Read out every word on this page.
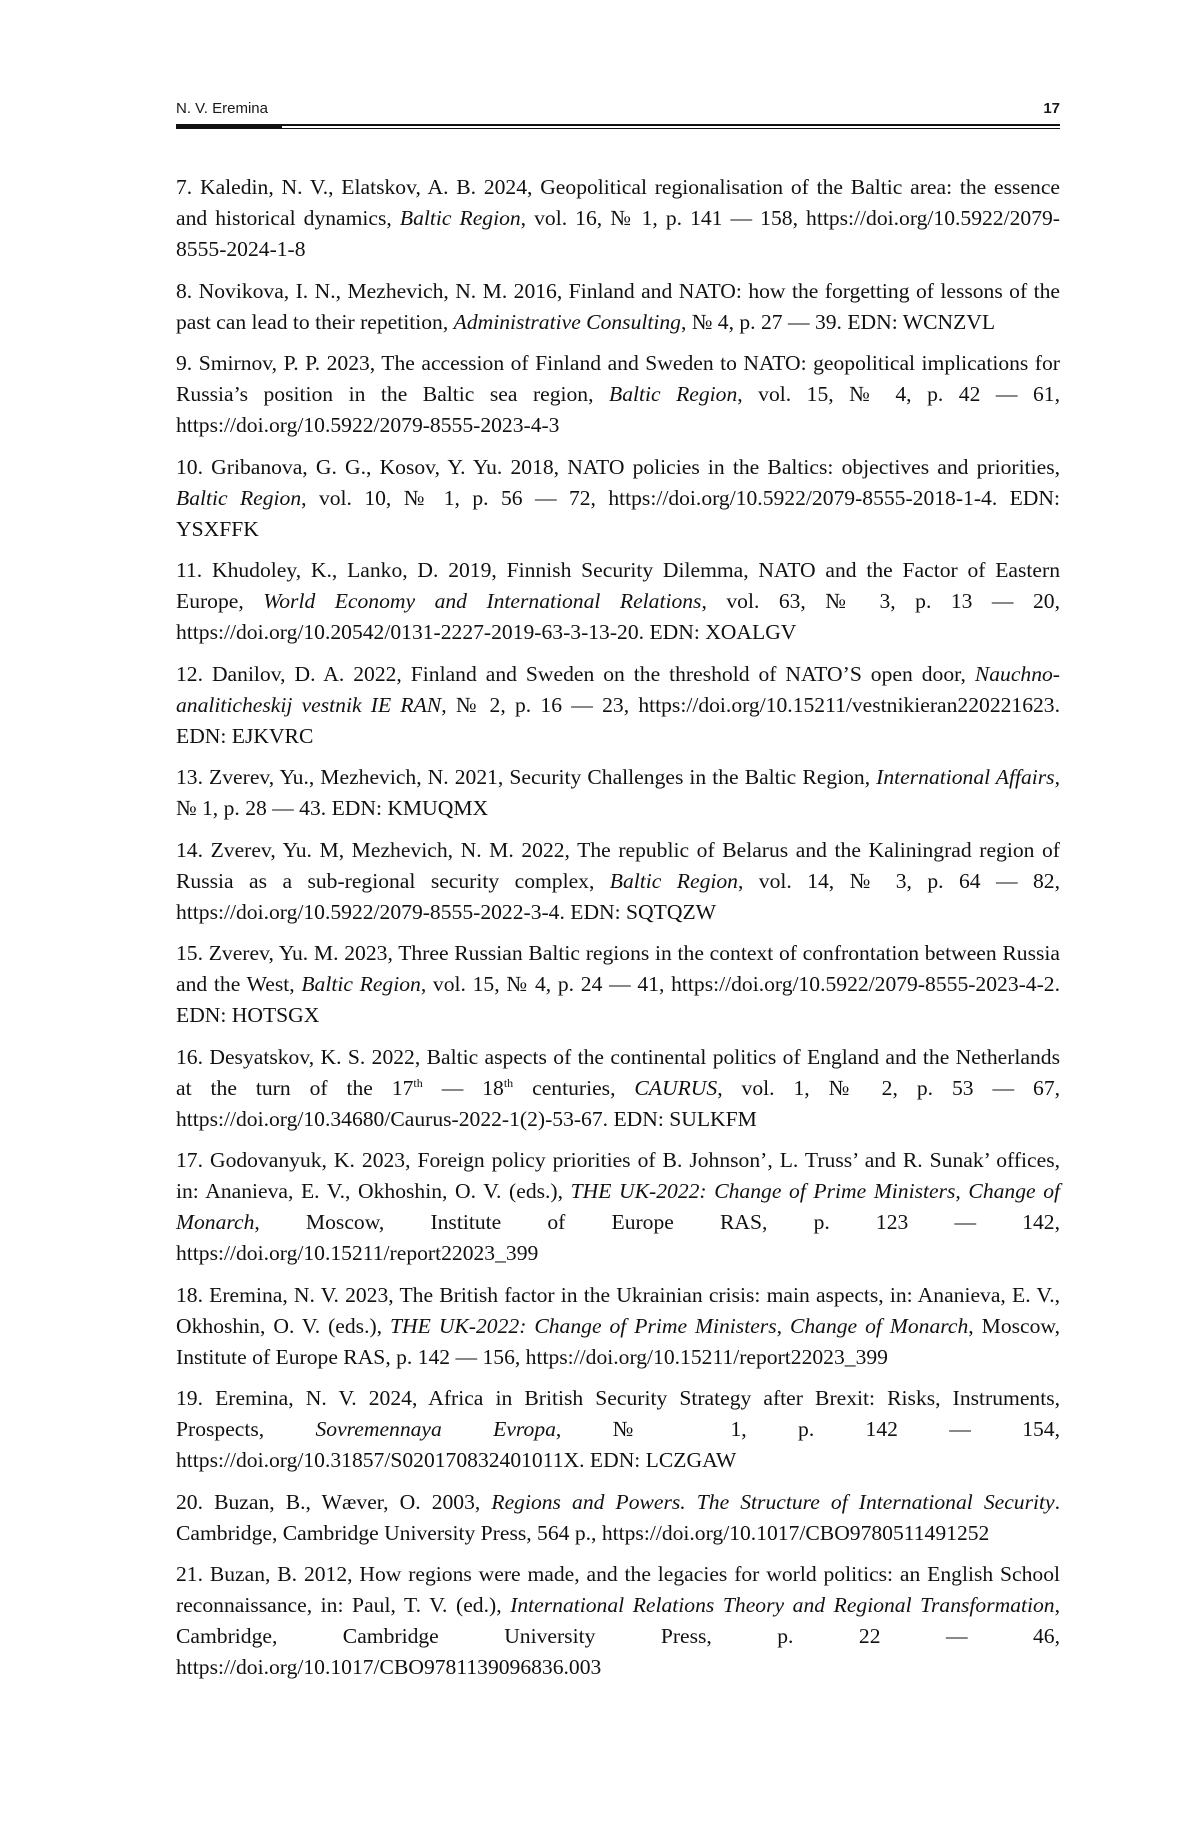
N. V. Eremina	17

7. Kaledin, N. V., Elatskov, A. B. 2024, Geopolitical regionalisation of the Baltic area: the essence and historical dynamics, Baltic Region, vol. 16, № 1, p. 141 — 158, https://doi.org/10.5922/2079-8555-2024-1-8

8. Novikova, I. N., Mezhevich, N. M. 2016, Finland and NATO: how the forgetting of lessons of the past can lead to their repetition, Administrative Consulting, № 4, p. 27 — 39. EDN: WCNZVL

9. Smirnov, P. P. 2023, The accession of Finland and Sweden to NATO: geopolitical implications for Russia’s position in the Baltic sea region, Baltic Region, vol. 15, № 4, p. 42 — 61, https://doi.org/10.5922/2079-8555-2023-4-3

10. Gribanova, G. G., Kosov, Y. Yu. 2018, NATO policies in the Baltics: objectives and priorities, Baltic Region, vol. 10, № 1, p. 56 — 72, https://doi.org/10.5922/2079-8555-2018-1-4. EDN: YSXFFK

11. Khudoley, K., Lanko, D. 2019, Finnish Security Dilemma, NATO and the Factor of Eastern Europe, World Economy and International Relations, vol. 63, № 3, p. 13 — 20, https://doi.org/10.20542/0131-2227-2019-63-3-13-20. EDN: XOALGV

12. Danilov, D. A. 2022, Finland and Sweden on the threshold of NATO’S open door, Nauchno-analiticheskij vestnik IE RAN, № 2, p. 16 — 23, https://doi.org/10.15211/vestnikieran220221623. EDN: EJKVRC

13. Zverev, Yu., Mezhevich, N. 2021, Security Challenges in the Baltic Region, International Affairs, № 1, p. 28 — 43. EDN: KMUQMX

14. Zverev, Yu. M, Mezhevich, N. M. 2022, The republic of Belarus and the Kaliningrad region of Russia as a sub-regional security complex, Baltic Region, vol. 14, № 3, p. 64 — 82, https://doi.org/10.5922/2079-8555-2022-3-4. EDN: SQTQZW

15. Zverev, Yu. M. 2023, Three Russian Baltic regions in the context of confrontation between Russia and the West, Baltic Region, vol. 15, № 4, p. 24 — 41, https://doi.org/10.5922/2079-8555-2023-4-2. EDN: HOTSGX

16. Desyatskov, K. S. 2022, Baltic aspects of the continental politics of England and the Netherlands at the turn of the 17th — 18th centuries, CAURUS, vol. 1, № 2, p. 53 — 67, https://doi.org/10.34680/Caurus-2022-1(2)-53-67. EDN: SULKFM

17. Godovanyuk, K. 2023, Foreign policy priorities of B. Johnson’, L. Truss’ and R. Sunak’ offices, in: Ananieva, E. V., Okhoshin, O. V. (eds.), THE UK-2022: Change of Prime Ministers, Change of Monarch, Moscow, Institute of Europe RAS, p. 123 — 142, https://doi.org/10.15211/report22023_399

18. Eremina, N. V. 2023, The British factor in the Ukrainian crisis: main aspects, in: Ananieva, E. V., Okhoshin, O. V. (eds.), THE UK-2022: Change of Prime Ministers, Change of Monarch, Moscow, Institute of Europe RAS, p. 142 — 156, https://doi.org/10.15211/report22023_399

19. Eremina, N. V. 2024, Africa in British Security Strategy after Brexit: Risks, Instruments, Prospects, Sovremennaya Evropa, № 1, p. 142 — 154, https://doi.org/10.31857/S020170832401011X. EDN: LCZGAW

20. Buzan, B., Wæver, O. 2003, Regions and Powers. The Structure of International Security. Cambridge, Cambridge University Press, 564 p., https://doi.org/10.1017/CBO9780511491252

21. Buzan, B. 2012, How regions were made, and the legacies for world politics: an English School reconnaissance, in: Paul, T. V. (ed.), International Relations Theory and Regional Transformation, Cambridge, Cambridge University Press, p. 22 — 46, https://doi.org/10.1017/CBO9781139096836.003
